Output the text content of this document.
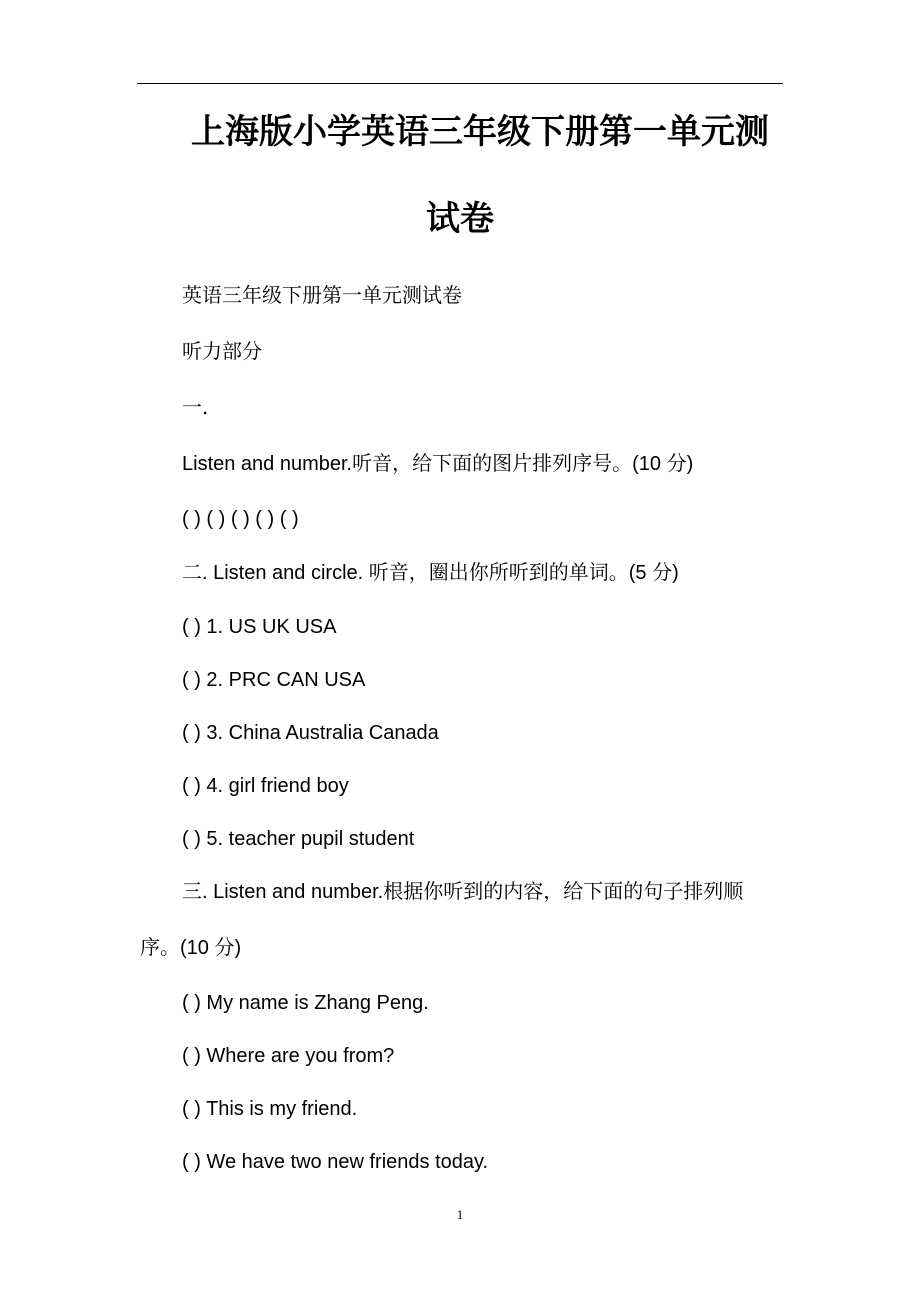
上海版小学英语三年级下册第一单元测
试卷
英语三年级下册第一单元测试卷
听力部分
一.
Listen and number.听音，给下面的图片排列序号。(10 分)
( ) ( ) ( ) ( ) ( )
二. Listen and circle. 听音，圈出你所听到的单词。(5 分)
( ) 1. US UK USA
( ) 2. PRC CAN USA
( ) 3. China Australia Canada
( ) 4. girl friend boy
( ) 5. teacher pupil student
三. Listen and number.根据你听到的内容，给下面的句子排列顺
序。(10 分)
( ) My name is Zhang Peng.
( ) Where are you from?
( ) This is my friend.
( ) We have two new friends today.
1
